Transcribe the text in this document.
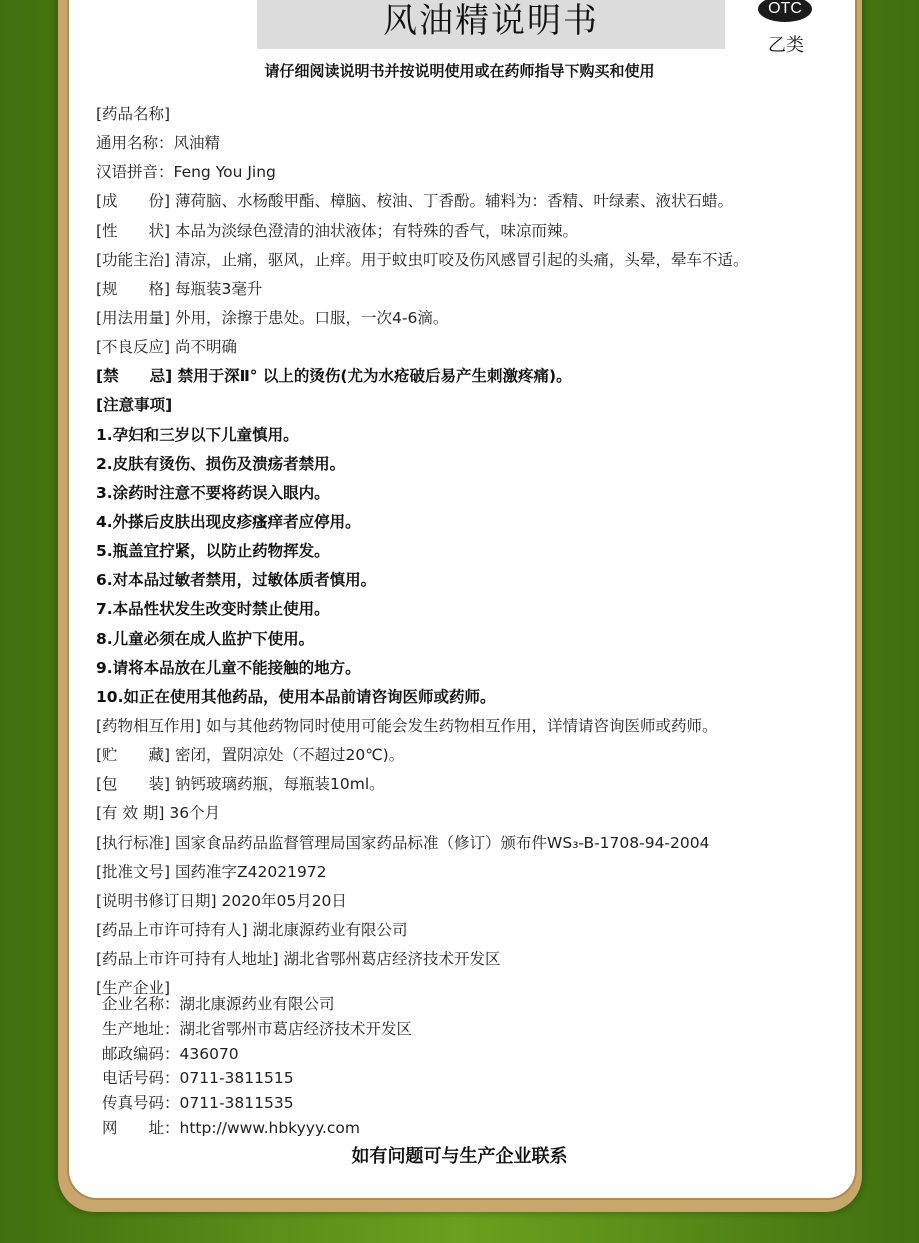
风油精说明书	OTC
乙类
请仔细阅读说明书并按说明使用或在药师指导下购买和使用
[药品名称]
通用名称：风油精
汉语拼音：Feng You Jing
[成　　份] 薄荷脑、水杨酸甲酯、樟脑、桉油、丁香酚。辅料为：香精、叶绿素、液状石蜡。
[性　　状] 本品为淡绿色澄清的油状液体；有特殊的香气，味凉而辣。
[功能主治] 清凉，止痛，驱风，止痒。用于蚊虫叮咬及伤风感冒引起的头痛，头晕，晕车不适。
[规　　格] 每瓶装3毫升
[用法用量] 外用，涂擦于患处。口服，一次4-6滴。
[不良反应] 尚不明确
[禁　　忌] 禁用于深Ⅱ° 以上的烫伤(尤为水疮破后易产生刺激疼痛)。
[注意事项]
1.孕妇和三岁以下儿童慎用。
2.皮肤有烫伤、损伤及溃疡者禁用。
3.涂药时注意不要将药误入眼内。
4.外搽后皮肤出现皮疹瘙痒者应停用。
5.瓶盖宜拧紧，以防止药物挥发。
6.对本品过敏者禁用，过敏体质者慎用。
7.本品性状发生改变时禁止使用。
8.儿童必须在成人监护下使用。
9.请将本品放在儿童不能接触的地方。
10.如正在使用其他药品，使用本品前请咨询医师或药师。
[药物相互作用] 如与其他药物同时使用可能会发生药物相互作用，详情请咨询医师或药师。
[贮　　藏] 密闭，置阴凉处（不超过20℃)。
[包　　装] 钠钙玻璃药瓶，每瓶装10ml。
[有 效 期] 36个月
[执行标准] 国家食品药品监督管理局国家药品标准（修订）颁布件WS₃-B-1708-94-2004
[批准文号] 国药准字Z42021972
[说明书修订日期] 2020年05月20日
[药品上市许可持有人] 湖北康源药业有限公司
[药品上市许可持有人地址] 湖北省鄂州葛店经济技术开发区
[生产企业]
企业名称：湖北康源药业有限公司
生产地址：湖北省鄂州市葛店经济技术开发区
邮政编码：436070
电话号码：0711-3811515
传真号码：0711-3811535
网　　址：http://www.hbkyyy.com
如有问题可与生产企业联系
